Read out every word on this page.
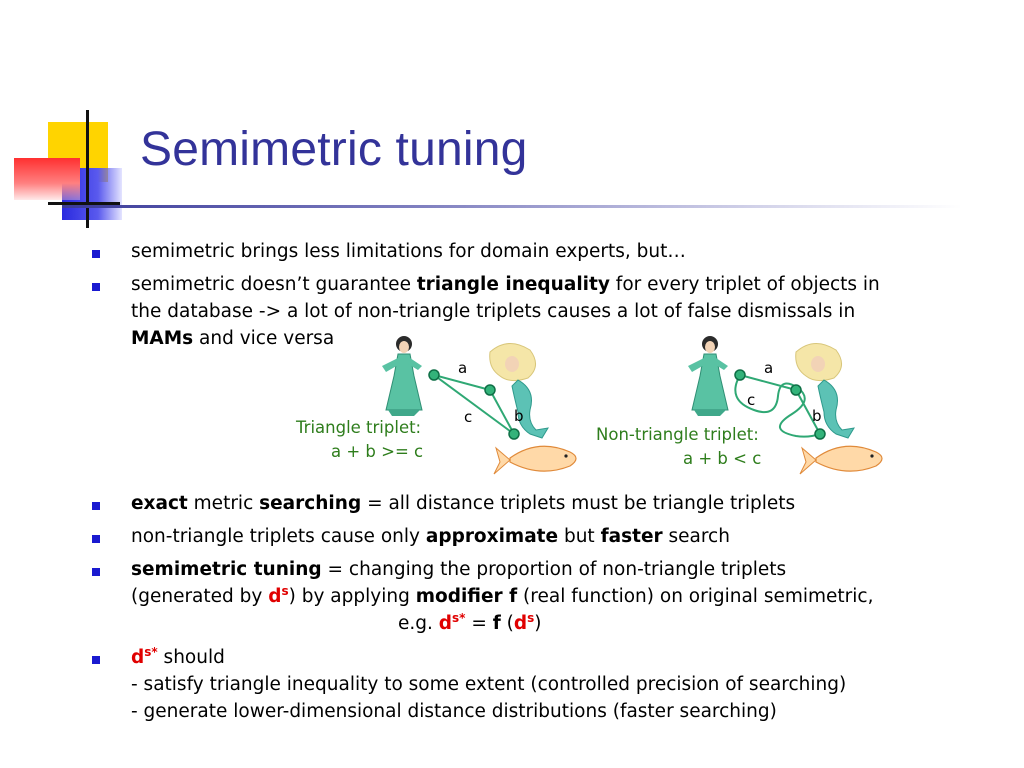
Semimetric tuning
semimetric brings less limitations for domain experts, but…
semimetric doesn’t guarantee triangle inequality for every triplet of objects in
the database -> a lot of non-triangle triplets causes a lot of false dismissals in
MAMs and vice versa
a
c	b
Triangle triplet:
a + b >= c
a
c
b
Non-triangle triplet:
a + b < c
exact metric searching = all distance triplets must be triangle triplets
non-triangle triplets cause only approximate but faster search
semimetric tuning = changing the proportion of non-triangle triplets
(generated by $d^s$) by applying modifier f (real function) on original semimetric,
e.g. $d^{s*} = f$ $(d^s)$
$d^{s*}$ should
- satisfy triangle inequality to some extent (controlled precision of searching)
- generate lower-dimensional distance distributions (faster searching)
